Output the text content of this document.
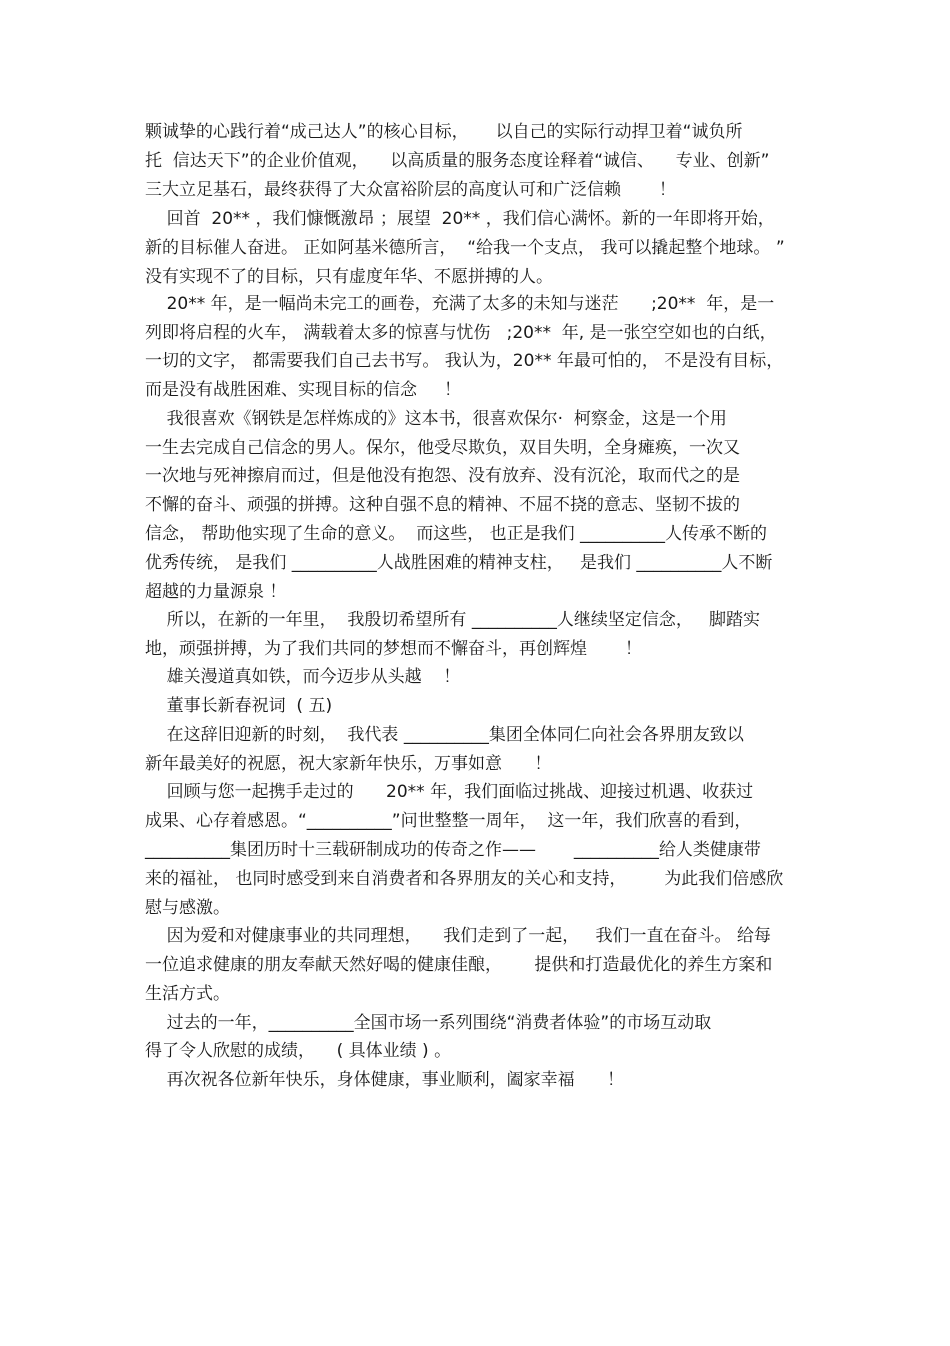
颗诚挚的心践行着“成己达人”的核心目标，     以自己的实际行动捍卫着“诚负所
托  信达天下”的企业价值观，    以高质量的服务态度诠释着“诚信、    专业、创新”
三大立足基石，最终获得了大众富裕阶层的高度认可和广泛信赖       ！
回首  20** ，我们慷慨激昂 ；展望  20** ，我们信心满怀。新的一年即将开始，
新的目标催人奋进。 正如阿基米德所言，  “给我一个支点， 我可以撬起整个地球。 ”
没有实现不了的目标，只有虚度年华、不愿拼搏的人。
20** 年，是一幅尚未完工的画卷，充满了太多的未知与迷茫      ;20**  年，是一
列即将启程的火车， 满载着太多的惊喜与忧伤   ;20**  年, 是一张空空如也的白纸，
一切的文字， 都需要我们自己去书写。 我认为，20** 年最可怕的， 不是没有目标，
而是没有战胜困难、实现目标的信念     ！
我很喜欢《钢铁是怎样炼成的》这本书，很喜欢保尔·  柯察金，这是一个用
一生去完成自己信念的男人。保尔，他受尽欺负，双目失明，全身瘫痪，一次又
一次地与死神擦肩而过，但是他没有抱怨、没有放弃、没有沉沦，取而代之的是
不懈的奋斗、顽强的拼搏。这种自强不息的精神、不屈不挠的意志、坚韧不拔的
信念， 帮助他实现了生命的意义。  而这些， 也正是我们 __________人传承不断的
优秀传统， 是我们 __________人战胜困难的精神支柱，   是我们 __________人不断
超越的力量源泉 ！
所以，在新的一年里，  我殷切希望所有 __________人继续坚定信念，   脚踏实
地，顽强拼搏，为了我们共同的梦想而不懈奋斗，再创辉煌       ！
雄关漫道真如铁，而今迈步从头越    ！
董事长新春祝词  ( 五)
在这辞旧迎新的时刻，  我代表 __________集团全体同仁向社会各界朋友致以
新年最美好的祝愿，祝大家新年快乐，万事如意      ！
回顾与您一起携手走过的      20** 年，我们面临过挑战、迎接过机遇、收获过
成果、心存着感恩。“__________”问世整整一周年，  这一年，我们欣喜的看到，
__________集团历时十三载研制成功的传奇之作——       __________给人类健康带
来的福祉， 也同时感受到来自消费者和各界朋友的关心和支持，       为此我们倍感欣
慰与感激。
因为爱和对健康事业的共同理想，    我们走到了一起，   我们一直在奋斗。 给每
一位追求健康的朋友奉献天然好喝的健康佳酿，      提供和打造最优化的养生方案和
生活方式。
过去的一年，__________全国市场一系列围绕“消费者体验”的市场互动取
得了令人欣慰的成绩，    ( 具体业绩 ) 。
再次祝各位新年快乐，身体健康，事业顺利，阖家幸福      ！
